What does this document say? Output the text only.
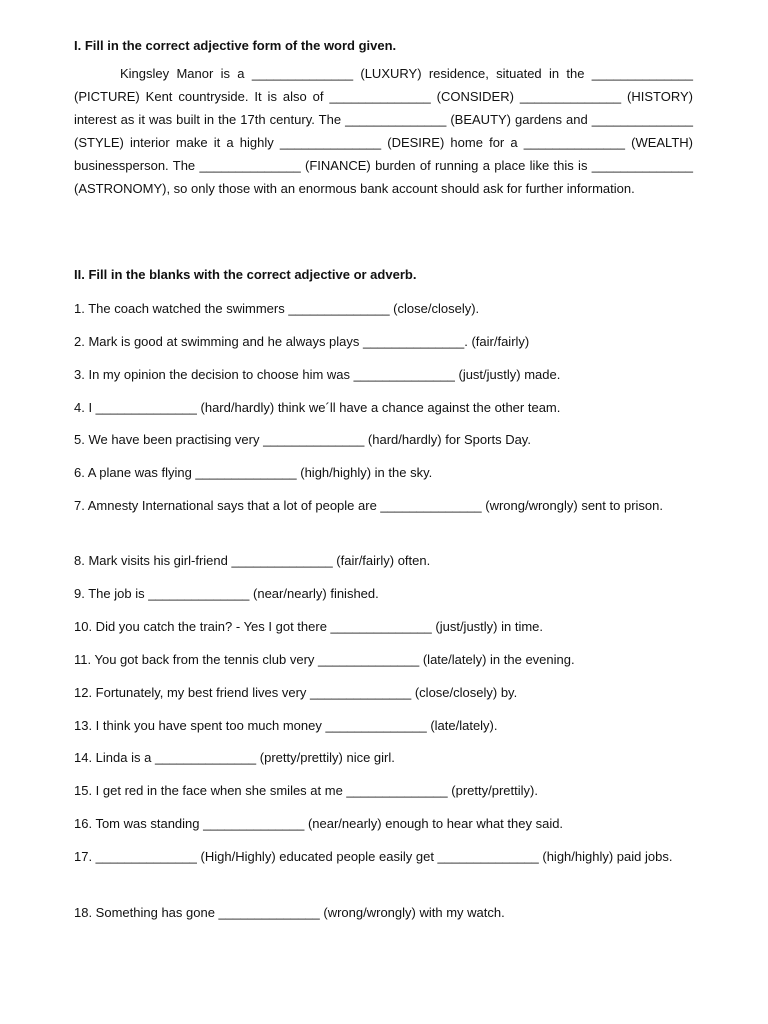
I. Fill in the correct adjective form of the word given.

Kingsley Manor is a ______________ (LUXURY) residence, situated in the ______________ (PICTURE) Kent countryside. It is also of ______________ (CONSIDER) ______________ (HISTORY) interest as it was built in the 17th century. The ______________ (BEAUTY) gardens and ______________ (STYLE) interior make it a highly ______________ (DESIRE) home for a ______________ (WEALTH) businessperson. The ______________ (FINANCE) burden of running a place like this is ______________ (ASTRONOMY), so only those with an enormous bank account should ask for further information.

II. Fill in the blanks with the correct adjective or adverb.

1. The coach watched the swimmers ______________ (close/closely).

2. Mark is good at swimming and he always plays ______________. (fair/fairly)

3. In my opinion the decision to choose him was ______________ (just/justly) made.

4. I ______________ (hard/hardly) think we´ll have a chance against the other team.

5. We have been practising very ______________ (hard/hardly) for Sports Day.

6. A plane was flying ______________ (high/highly) in the sky.

7. Amnesty International says that a lot of people are ______________ (wrong/wrongly) sent to prison.

8. Mark visits his girl-friend ______________ (fair/fairly) often.

9. The job is ______________ (near/nearly) finished.

10. Did you catch the train? - Yes I got there ______________ (just/justly) in time.

11. You got back from the tennis club very ______________ (late/lately) in the evening.

12. Fortunately, my best friend lives very ______________ (close/closely) by.

13. I think you have spent too much money ______________ (late/lately).

14. Linda is a ______________ (pretty/prettily) nice girl.

15. I get red in the face when she smiles at me ______________ (pretty/prettily).

16. Tom was standing ______________ (near/nearly) enough to hear what they said.

17. ______________ (High/Highly) educated people easily get ______________ (high/highly) paid jobs.

18. Something has gone ______________ (wrong/wrongly) with my watch.
